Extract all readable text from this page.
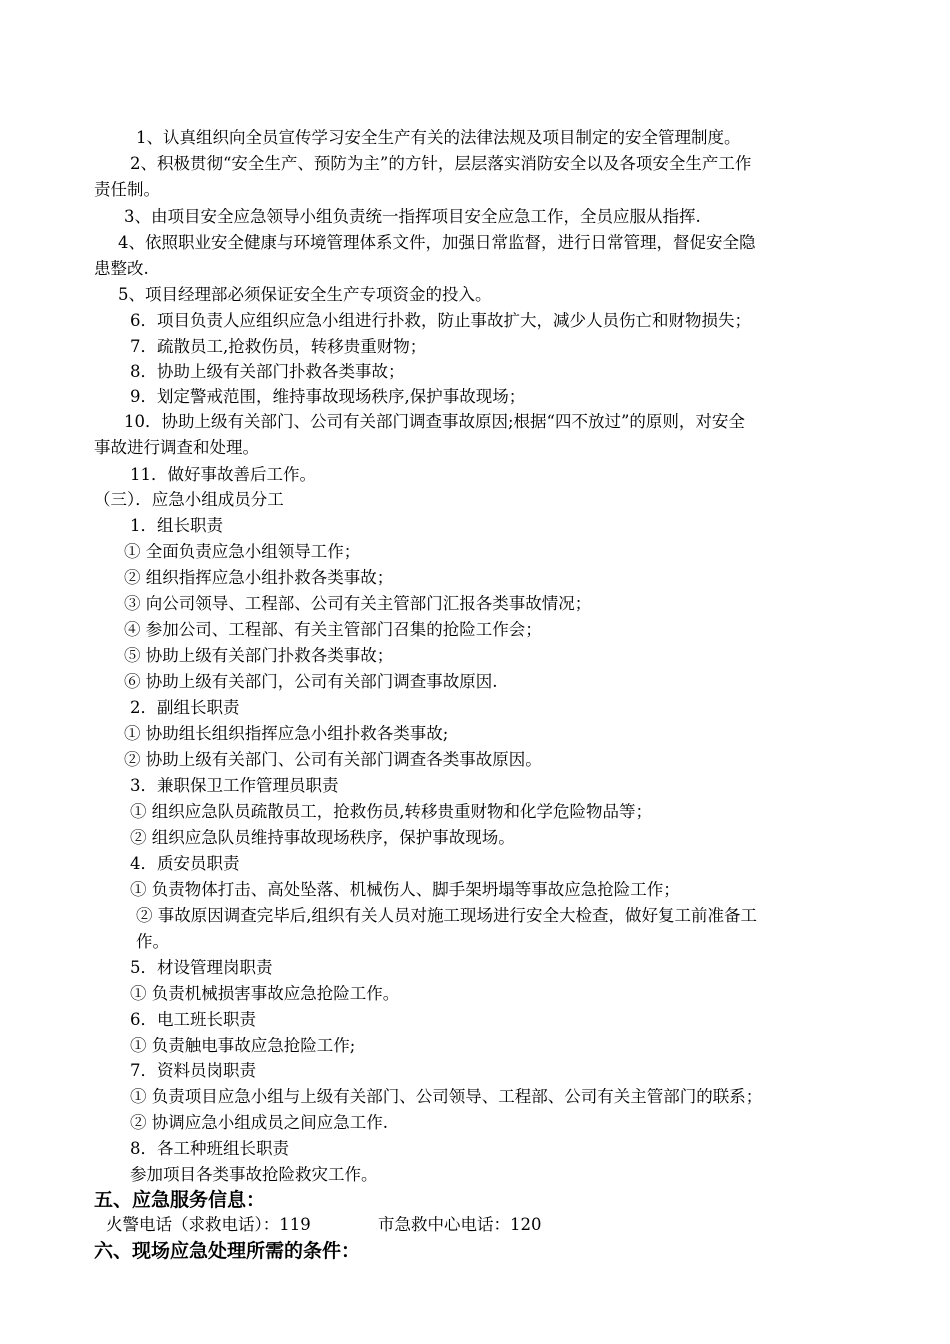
1、认真组织向全员宣传学习安全生产有关的法律法规及项目制定的安全管理制度。
2、积极贯彻“安全生产、预防为主”的方针，层层落实消防安全以及各项安全生产工作
责任制。
3、由项目安全应急领导小组负责统一指挥项目安全应急工作，全员应服从指挥.
4、依照职业安全健康与环境管理体系文件，加强日常监督，进行日常管理，督促安全隐
患整改.
5、项目经理部必须保证安全生产专项资金的投入。
6．项目负责人应组织应急小组进行扑救，防止事故扩大，减少人员伤亡和财物损失；
7．疏散员工,抢救伤员，转移贵重财物；
8．协助上级有关部门扑救各类事故；
9．划定警戒范围，维持事故现场秩序,保护事故现场；
10．协助上级有关部门、公司有关部门调查事故原因;根据“四不放过”的原则，对安全
事故进行调查和处理。
11．做好事故善后工作。
（三）．应急小组成员分工
1．组长职责
① 全面负责应急小组领导工作；
② 组织指挥应急小组扑救各类事故；
③ 向公司领导、工程部、公司有关主管部门汇报各类事故情况；
④ 参加公司、工程部、有关主管部门召集的抢险工作会；
⑤ 协助上级有关部门扑救各类事故；
⑥ 协助上级有关部门，公司有关部门调查事故原因.
2．副组长职责
① 协助组长组织指挥应急小组扑救各类事故;
② 协助上级有关部门、公司有关部门调查各类事故原因。
3．兼职保卫工作管理员职责
① 组织应急队员疏散员工，抢救伤员,转移贵重财物和化学危险物品等；
② 组织应急队员维持事故现场秩序，保护事故现场。
4．质安员职责
① 负责物体打击、高处坠落、机械伤人、脚手架坍塌等事故应急抢险工作；
② 事故原因调查完毕后,组织有关人员对施工现场进行安全大检查，做好复工前准备工
作。
5．材设管理岗职责
① 负责机械损害事故应急抢险工作。
6．电工班长职责
① 负责触电事故应急抢险工作;
7．资料员岗职责
① 负责项目应急小组与上级有关部门、公司领导、工程部、公司有关主管部门的联系；
② 协调应急小组成员之间应急工作.
8．各工种班组长职责
参加项目各类事故抢险救灾工作。
五、应急服务信息：
火警电话（求救电话）：119	市急救中心电话：120
六、现场应急处理所需的条件：
